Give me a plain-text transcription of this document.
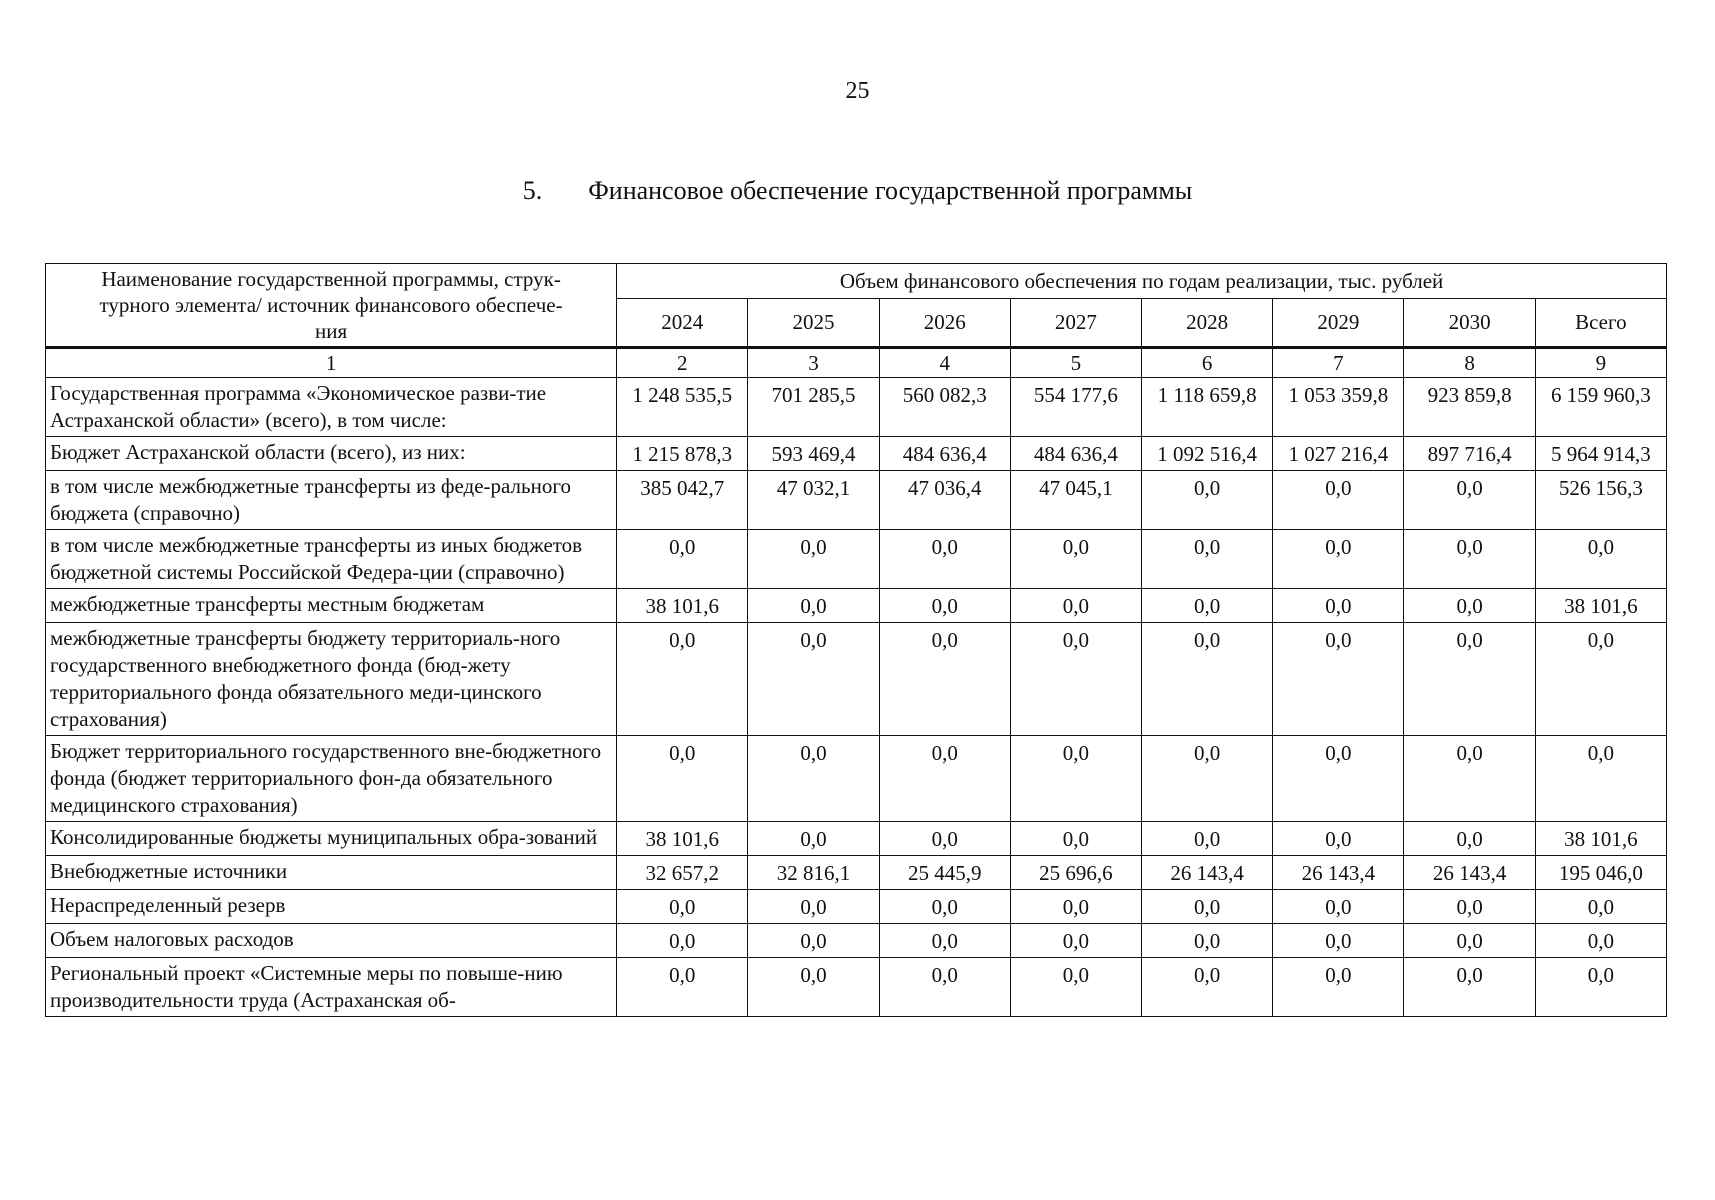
25
5. Финансовое обеспечение государственной программы
Наименование государственной программы, струк-
турного элемента/ источник финансового обеспече-
ния	Объем финансового обеспечения по годам реализации, тыс. рублей							
	2024	2025	2026	2027	2028	2029	2030	Всего
1	2	3	4	5	6	7	8	9
Государственная программа «Экономическое разви-тие Астраханской области» (всего), в том числе:	1 248 535,5	701 285,5	560 082,3	554 177,6	1 118 659,8	1 053 359,8	923 859,8	6 159 960,3
Бюджет Астраханской области (всего), из них:	1 215 878,3	593 469,4	484 636,4	484 636,4	1 092 516,4	1 027 216,4	897 716,4	5 964 914,3
в том числе межбюджетные трансферты из феде-рального бюджета (справочно)	385 042,7	47 032,1	47 036,4	47 045,1	0,0	0,0	0,0	526 156,3
в том числе межбюджетные трансферты из иных бюджетов бюджетной системы Российской Федера-ции (справочно)	0,0	0,0	0,0	0,0	0,0	0,0	0,0	0,0
межбюджетные трансферты местным бюджетам	38 101,6	0,0	0,0	0,0	0,0	0,0	0,0	38 101,6
межбюджетные трансферты бюджету территориаль-ного государственного внебюджетного фонда (бюд-жету территориального фонда обязательного меди-цинского страхования)	0,0	0,0	0,0	0,0	0,0	0,0	0,0	0,0
Бюджет территориального государственного вне-бюджетного фонда (бюджет территориального фон-да обязательного медицинского страхования)	0,0	0,0	0,0	0,0	0,0	0,0	0,0	0,0
Консолидированные бюджеты муниципальных обра-зований	38 101,6	0,0	0,0	0,0	0,0	0,0	0,0	38 101,6
Внебюджетные источники	32 657,2	32 816,1	25 445,9	25 696,6	26 143,4	26 143,4	26 143,4	195 046,0
Нераспределенный резерв	0,0	0,0	0,0	0,0	0,0	0,0	0,0	0,0
Объем налоговых расходов	0,0	0,0	0,0	0,0	0,0	0,0	0,0	0,0
Региональный проект «Системные меры по повыше-нию производительности труда (Астраханская об-	0,0	0,0	0,0	0,0	0,0	0,0	0,0	0,0
